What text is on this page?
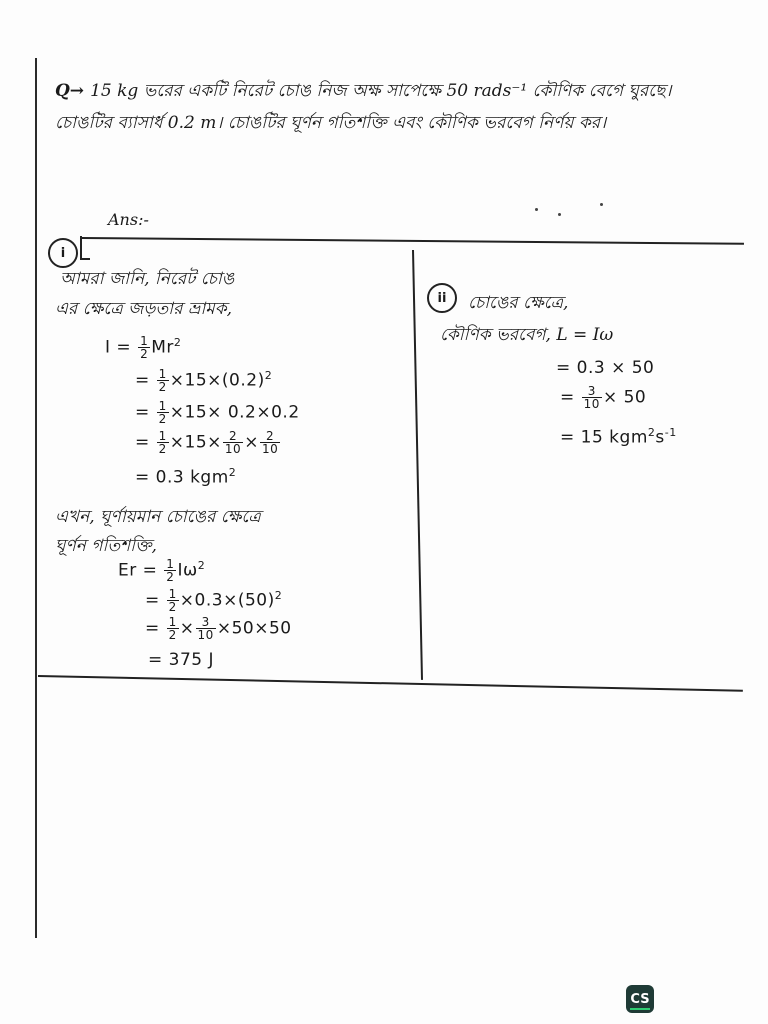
Q→ 15 kg ভরের একটি নিরেট চোঙ নিজ অক্ষ সাপেক্ষে 50 rads⁻¹ কৌণিক বেগে ঘুরছে। চোঙটির ব্যাসার্ধ 0.2 m। চোঙটির ঘূর্ণন গতিশক্তি এবং কৌণিক ভরবেগ নির্ণয় কর।
Ans:-
i
আমরা জানি, নিরেট চোঙ
এর ক্ষেত্রে জড়তার ভ্রামক,
$I = \frac{1}{2} Mr^2$
= $\frac{1}{2} \times 15\times(0.2)^2$
= $\frac{1}{2} \times 15\times 0.2\times 0.2$
= $\frac{1}{2} \times 15\times \frac{2}{10} \times \frac{2}{10}$
= 0.3 kgm$^2$
এখন, ঘূর্ণায়মান চোঙের ক্ষেত্রে
ঘূর্ণন গতিশক্তি,
$Er = \frac{1}{2} I\omega^2$
= $\frac{1}{2} \times 0.3\times(50)^2$
= $\frac{1}{2} \times \frac{3}{10} \times 50\times 50$
= 375 J
ii	চোঙের ক্ষেত্রে,
কৌণিক ভরবেগ, L = Iω
= 0.3 × 50
= $\frac{3}{10} \times 50$
= 15 $kgm^2s^{-1}$
CS
